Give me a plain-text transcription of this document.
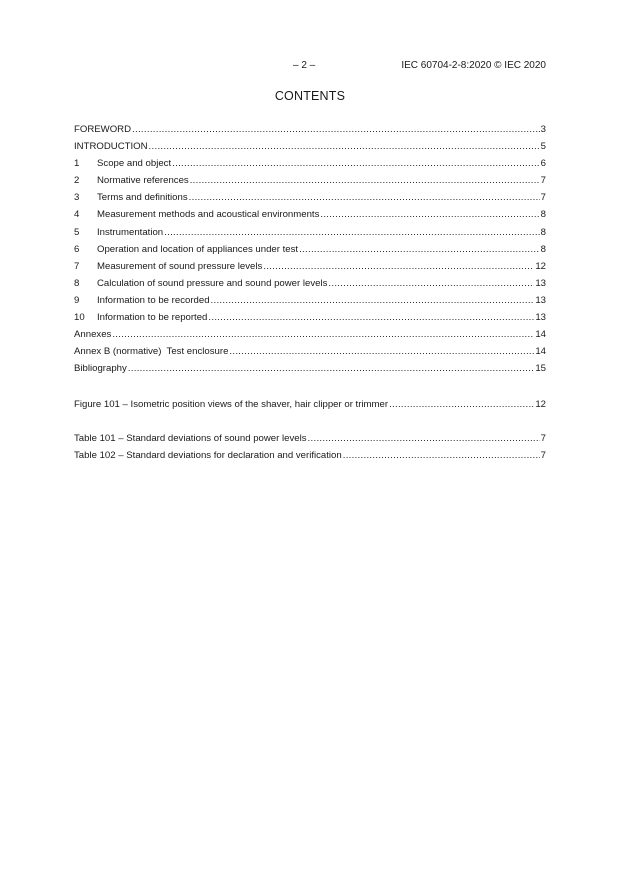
– 2 –	IEC 60704-2-8:2020 © IEC 2020
CONTENTS
FOREWORD .....	3
INTRODUCTION .....	5
1	Scope and object .....	6
2	Normative references .....	7
3	Terms and definitions .....	7
4	Measurement methods and acoustical environments .....	8
5	Instrumentation .....	8
6	Operation and location of appliances under test .....	8
7	Measurement of sound pressure levels .....	12
8	Calculation of sound pressure and sound power levels .....	13
9	Information to be recorded .....	13
10	Information to be reported .....	13
Annexes .....	14
Annex B (normative) Test enclosure .....	14
Bibliography .....	15
Figure 101 – Isometric position views of the shaver, hair clipper or trimmer .....	12
Table 101 – Standard deviations of sound power levels .....	7
Table 102 – Standard deviations for declaration and verification .....	7
